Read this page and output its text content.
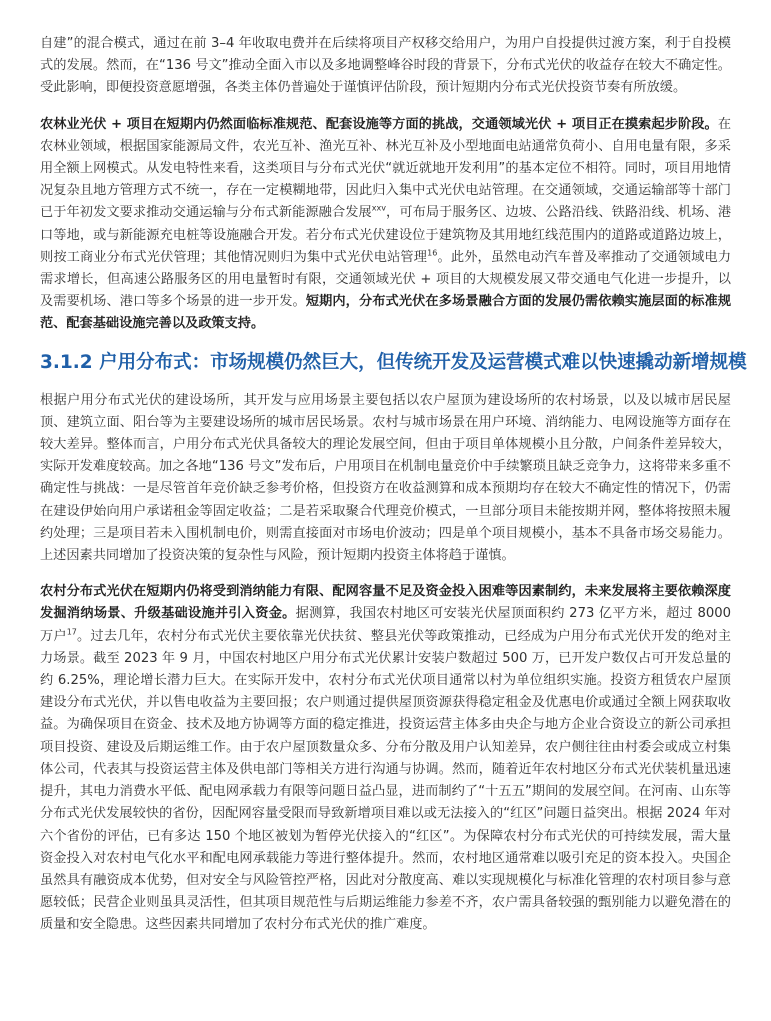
自建”的混合模式，通过在前 3–4 年收取电费并在后续将项目产权移交给用户，为用户自投提供过渡方案，利于自投模式的发展。然而，在“136 号文”推动全面入市以及多地调整峰谷时段的背景下，分布式光伏的收益存在较大不确定性。受此影响，即便投资意愿增强，各类主体仍普遍处于谨慎评估阶段，预计短期内分布式光伏投资节奏有所放缓。

农林业光伏 + 项目在短期内仍然面临标准规范、配套设施等方面的挑战，交通领域光伏 + 项目正在摸索起步阶段。在农林业领域，根据国家能源局文件，农光互补、渔光互补、林光互补及小型地面电站通常负荷小、自用电量有限，多采用全额上网模式。从发电特性来看，这类项目与分布式光伏“就近就地开发利用”的基本定位不相符。同时，项目用地情况复杂且地方管理方式不统一，存在一定模糊地带，因此归入集中式光伏电站管理。在交通领域，交通运输部等十部门已于年初发文要求推动交通运输与分布式新能源融合发展$^{xxv}$，可布局于服务区、边坡、公路沿线、铁路沿线、机场、港口等地，或与新能源充电桩等设施融合开发。若分布式光伏建设位于建筑物及其用地红线范围内的道路或道路边坡上，则按工商业分布式光伏管理；其他情况则归为集中式光伏电站管理$^{16}$。此外，虽然电动汽车普及率推动了交通领域电力需求增长，但高速公路服务区的用电量暂时有限，交通领域光伏 + 项目的大规模发展又带交通电气化进一步提升，以及需要机场、港口等多个场景的进一步开发。短期内，分布式光伏在多场景融合方面的发展仍需依赖实施层面的标准规范、配套基础设施完善以及政策支持。

3.1.2 户用分布式：市场规模仍然巨大，但传统开发及运营模式难以快速撬动新增规模

根据户用分布式光伏的建设场所，其开发与应用场景主要包括以农户屋顶为建设场所的农村场景，以及以城市居民屋顶、建筑立面、阳台等为主要建设场所的城市居民场景。农村与城市场景在用户环境、消纳能力、电网设施等方面存在较大差异。整体而言，户用分布式光伏具备较大的理论发展空间，但由于项目单体规模小且分散，户间条件差异较大，实际开发难度较高。加之各地“136 号文”发布后，户用项目在机制电量竞价中手续繁琐且缺乏竞争力，这将带来多重不确定性与挑战：一是尽管首年竞价缺乏参考价格，但投资方在收益测算和成本预期均存在较大不确定性的情况下，仍需在建设伊始向用户承诺租金等固定收益；二是若采取聚合代理竞价模式，一旦部分项目未能按期并网，整体将按照未履约处理；三是项目若未入围机制电价，则需直接面对市场电价波动；四是单个项目规模小，基本不具备市场交易能力。上述因素共同增加了投资决策的复杂性与风险，预计短期内投资主体将趋于谨慎。

农村分布式光伏在短期内仍将受到消纳能力有限、配网容量不足及资金投入困难等因素制约，未来发展将主要依赖深度发掘消纳场景、升级基础设施并引入资金。据测算，我国农村地区可安装光伏屋顶面积约 273 亿平方米，超过 8000 万户$^{17}$。过去几年，农村分布式光伏主要依靠光伏扶贫、整县光伏等政策推动，已经成为户用分布式光伏开发的绝对主力场景。截至 2023 年 9 月，中国农村地区户用分布式光伏累计安装户数超过 500 万，已开发户数仅占可开发总量的约 6.25%，理论增长潜力巨大。在实际开发中，农村分布式光伏项目通常以村为单位组织实施。投资方租赁农户屋顶建设分布式光伏，并以售电收益为主要回报；农户则通过提供屋顶资源获得稳定租金及优惠电价或通过全额上网获取收益。为确保项目在资金、技术及地方协调等方面的稳定推进，投资运营主体多由央企与地方企业合资设立的新公司承担项目投资、建设及后期运维工作。由于农户屋顶数量众多、分布分散及用户认知差异，农户侧往往由村委会或成立村集体公司，代表其与投资运营主体及供电部门等相关方进行沟通与协调。然而，随着近年农村地区分布式光伏装机量迅速提升，其电力消费水平低、配电网承载力有限等问题日益凸显，进而制约了“十五五”期间的发展空间。在河南、山东等分布式光伏发展较快的省份，因配网容量受限而导致新增项目难以或无法接入的“红区”问题日益突出。根据 2024 年对六个省份的评估，已有多达 150 个地区被划为暂停光伏接入的“红区”。为保障农村分布式光伏的可持续发展，需大量资金投入对农村电气化水平和配电网承载能力等进行整体提升。然而，农村地区通常难以吸引充足的资本投入。央国企虽然具有融资成本优势，但对安全与风险管控严格，因此对分散度高、难以实现规模化与标准化管理的农村项目参与意愿较低；民营企业则虽具灵活性，但其项目规范性与后期运维能力参差不齐，农户需具备较强的甄别能力以避免潜在的质量和安全隐患。这些因素共同增加了农村分布式光伏的推广难度。
